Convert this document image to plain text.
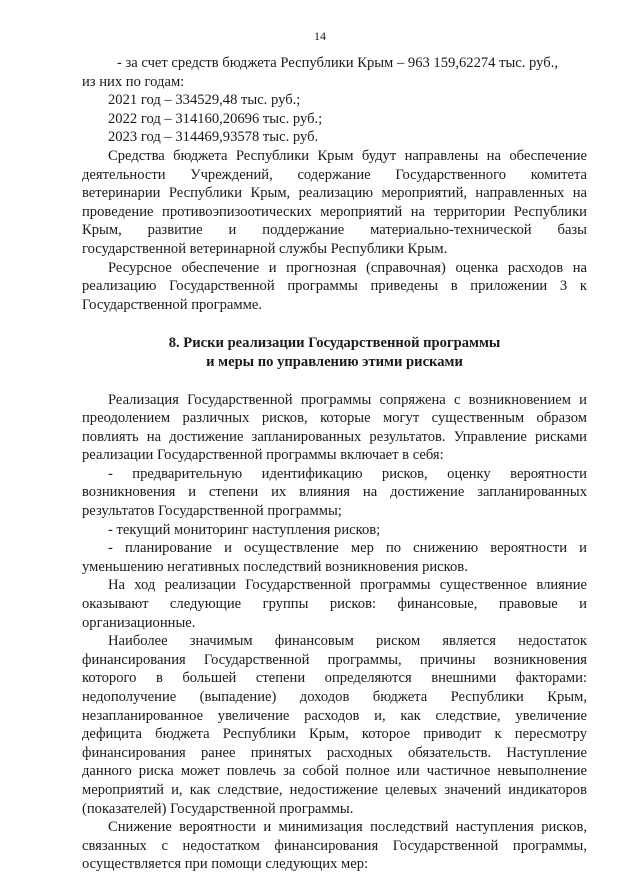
14
- за счет средств бюджета Республики Крым – 963 159,62274 тыс. руб.,
из них по годам:
2021 год – 334529,48 тыс. руб.;
2022 год – 314160,20696 тыс. руб.;
2023 год – 314469,93578 тыс. руб.
Средства бюджета Республики Крым будут направлены на обеспечение
деятельности Учреждений, содержание Государственного комитета
ветеринарии Республики Крым, реализацию мероприятий, направленных на
проведение противоэпизоотических мероприятий на территории Республики
Крым, развитие и поддержание материально-технической базы
государственной ветеринарной службы Республики Крым.
Ресурсное обеспечение и прогнозная (справочная) оценка расходов на
реализацию Государственной программы приведены в приложении 3 к
Государственной программе.
8. Риски реализации Государственной программы
и меры по управлению этими рисками
Реализация Государственной программы сопряжена с возникновением и
преодолением различных рисков, которые могут существенным образом
повлиять на достижение запланированных результатов. Управление рисками
реализации Государственной программы включает в себя:
- предварительную идентификацию рисков, оценку вероятности
возникновения и степени их влияния на достижение запланированных
результатов Государственной программы;
- текущий мониторинг наступления рисков;
- планирование и осуществление мер по снижению вероятности и
уменьшению негативных последствий возникновения рисков.
На ход реализации Государственной программы существенное влияние
оказывают следующие группы рисков: финансовые, правовые и
организационные.
Наиболее значимым финансовым риском является недостаток
финансирования Государственной программы, причины возникновения
которого в большей степени определяются внешними факторами:
недополучение (выпадение) доходов бюджета Республики Крым,
незапланированное увеличение расходов и, как следствие, увеличение
дефицита бюджета Республики Крым, которое приводит к пересмотру
финансирования ранее принятых расходных обязательств. Наступление
данного риска может повлечь за собой полное или частичное невыполнение
мероприятий и, как следствие, недостижение целевых значений индикаторов
(показателей) Государственной программы.
Снижение вероятности и минимизация последствий наступления рисков,
связанных с недостатком финансирования Государственной программы,
осуществляется при помощи следующих мер:
